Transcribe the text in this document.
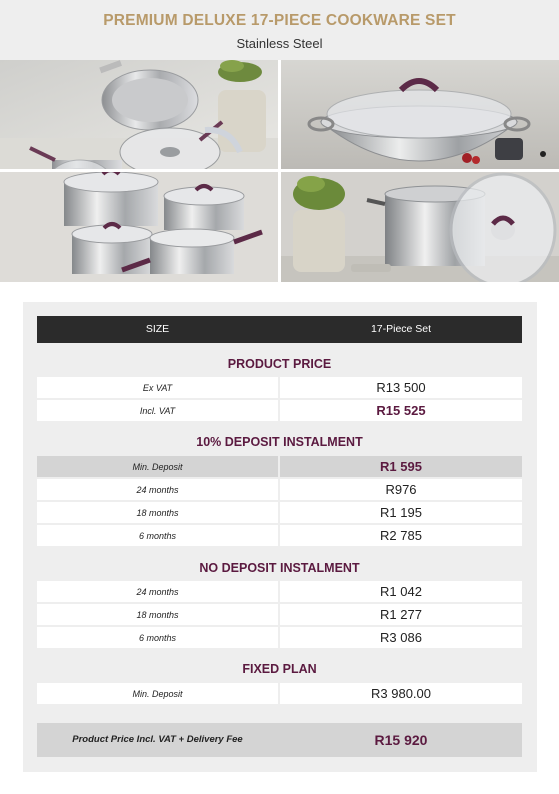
PREMIUM DELUXE 17-PIECE COOKWARE SET
Stainless Steel
SIZE	17-Piece Set
PRODUCT PRICE
Ex VAT	R13 500
Incl. VAT	R15 525
10% DEPOSIT INSTALMENT
Min. Deposit	R1 595
24 months	R976
18 months	R1 195
6 months	R2 785
NO DEPOSIT INSTALMENT
24 months	R1 042
18 months	R1 277
6 months	R3 086
FIXED PLAN
Min. Deposit	R3 980.00
Product Price Incl. VAT + Delivery Fee	R15 920
